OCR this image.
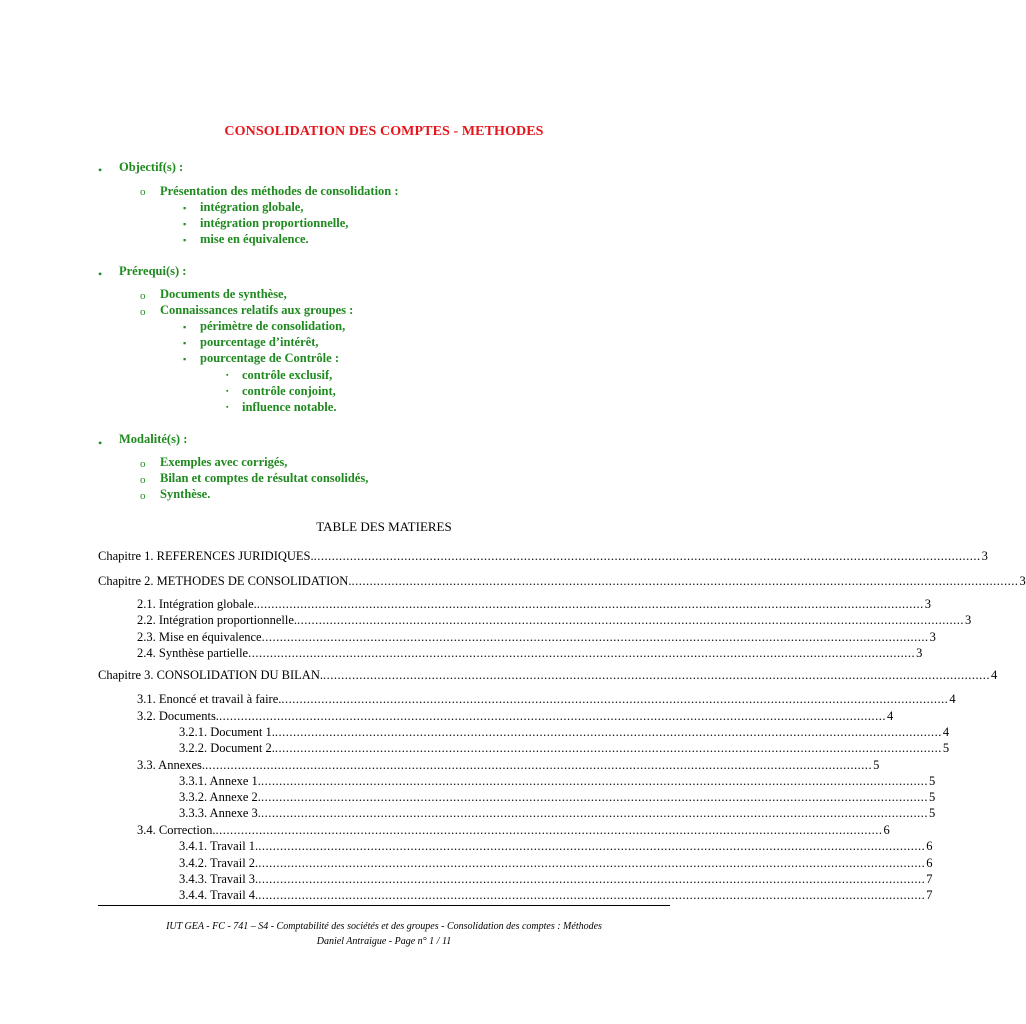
CONSOLIDATION DES COMPTES - METHODES
• Objectif(s) :
o Présentation des méthodes de consolidation :
▪ intégration globale,
▪ intégration proportionnelle,
▪ mise en équivalence.
• Prérequi(s) :
o Documents de synthèse,
o Connaissances relatifs aux groupes :
▪ périmètre de consolidation,
▪ pourcentage d’intérêt,
▪ pourcentage de Contrôle :
▪ contrôle exclusif,
▪ contrôle conjoint,
▪ influence notable.
• Modalité(s) :
o Exemples avec corrigés,
o Bilan et comptes de résultat consolidés,
o Synthèse.
TABLE DES MATIERES
Chapitre 1. REFERENCES JURIDIQUES. ........................................................................................................................................................................................ 3
Chapitre 2. METHODES DE CONSOLIDATION. ........................................................................................................................................................................................ 3
2.1. Intégration globale. ........................................................................................................................................................................................ 3
2.2. Intégration proportionnelle. ........................................................................................................................................................................................ 3
2.3. Mise en équivalence ........................................................................................................................................................................................ 3
2.4. Synthèse partielle ........................................................................................................................................................................................ 3
Chapitre 3. CONSOLIDATION DU BILAN. ........................................................................................................................................................................................ 4
3.1. Enoncé et travail à faire. ........................................................................................................................................................................................ 4
3.2. Documents. ........................................................................................................................................................................................ 4
3.2.1. Document 1. ........................................................................................................................................................................................ 4
3.2.2. Document 2. ........................................................................................................................................................................................ 5
3.3. Annexes. ........................................................................................................................................................................................ 5
3.3.1. Annexe 1. ........................................................................................................................................................................................ 5
3.3.2. Annexe 2. ........................................................................................................................................................................................ 5
3.3.3. Annexe 3. ........................................................................................................................................................................................ 5
3.4. Correction. ........................................................................................................................................................................................ 6
3.4.1. Travail 1. ........................................................................................................................................................................................ 6
3.4.2. Travail 2. ........................................................................................................................................................................................ 6
3.4.3. Travail 3. ........................................................................................................................................................................................ 7
3.4.4. Travail 4. ........................................................................................................................................................................................ 7
IUT GEA - FC - 741 – S4 - Comptabilité des sociétés et des groupes - Consolidation des comptes : Méthodes
Daniel Antraigue - Page n° 1 / 11
